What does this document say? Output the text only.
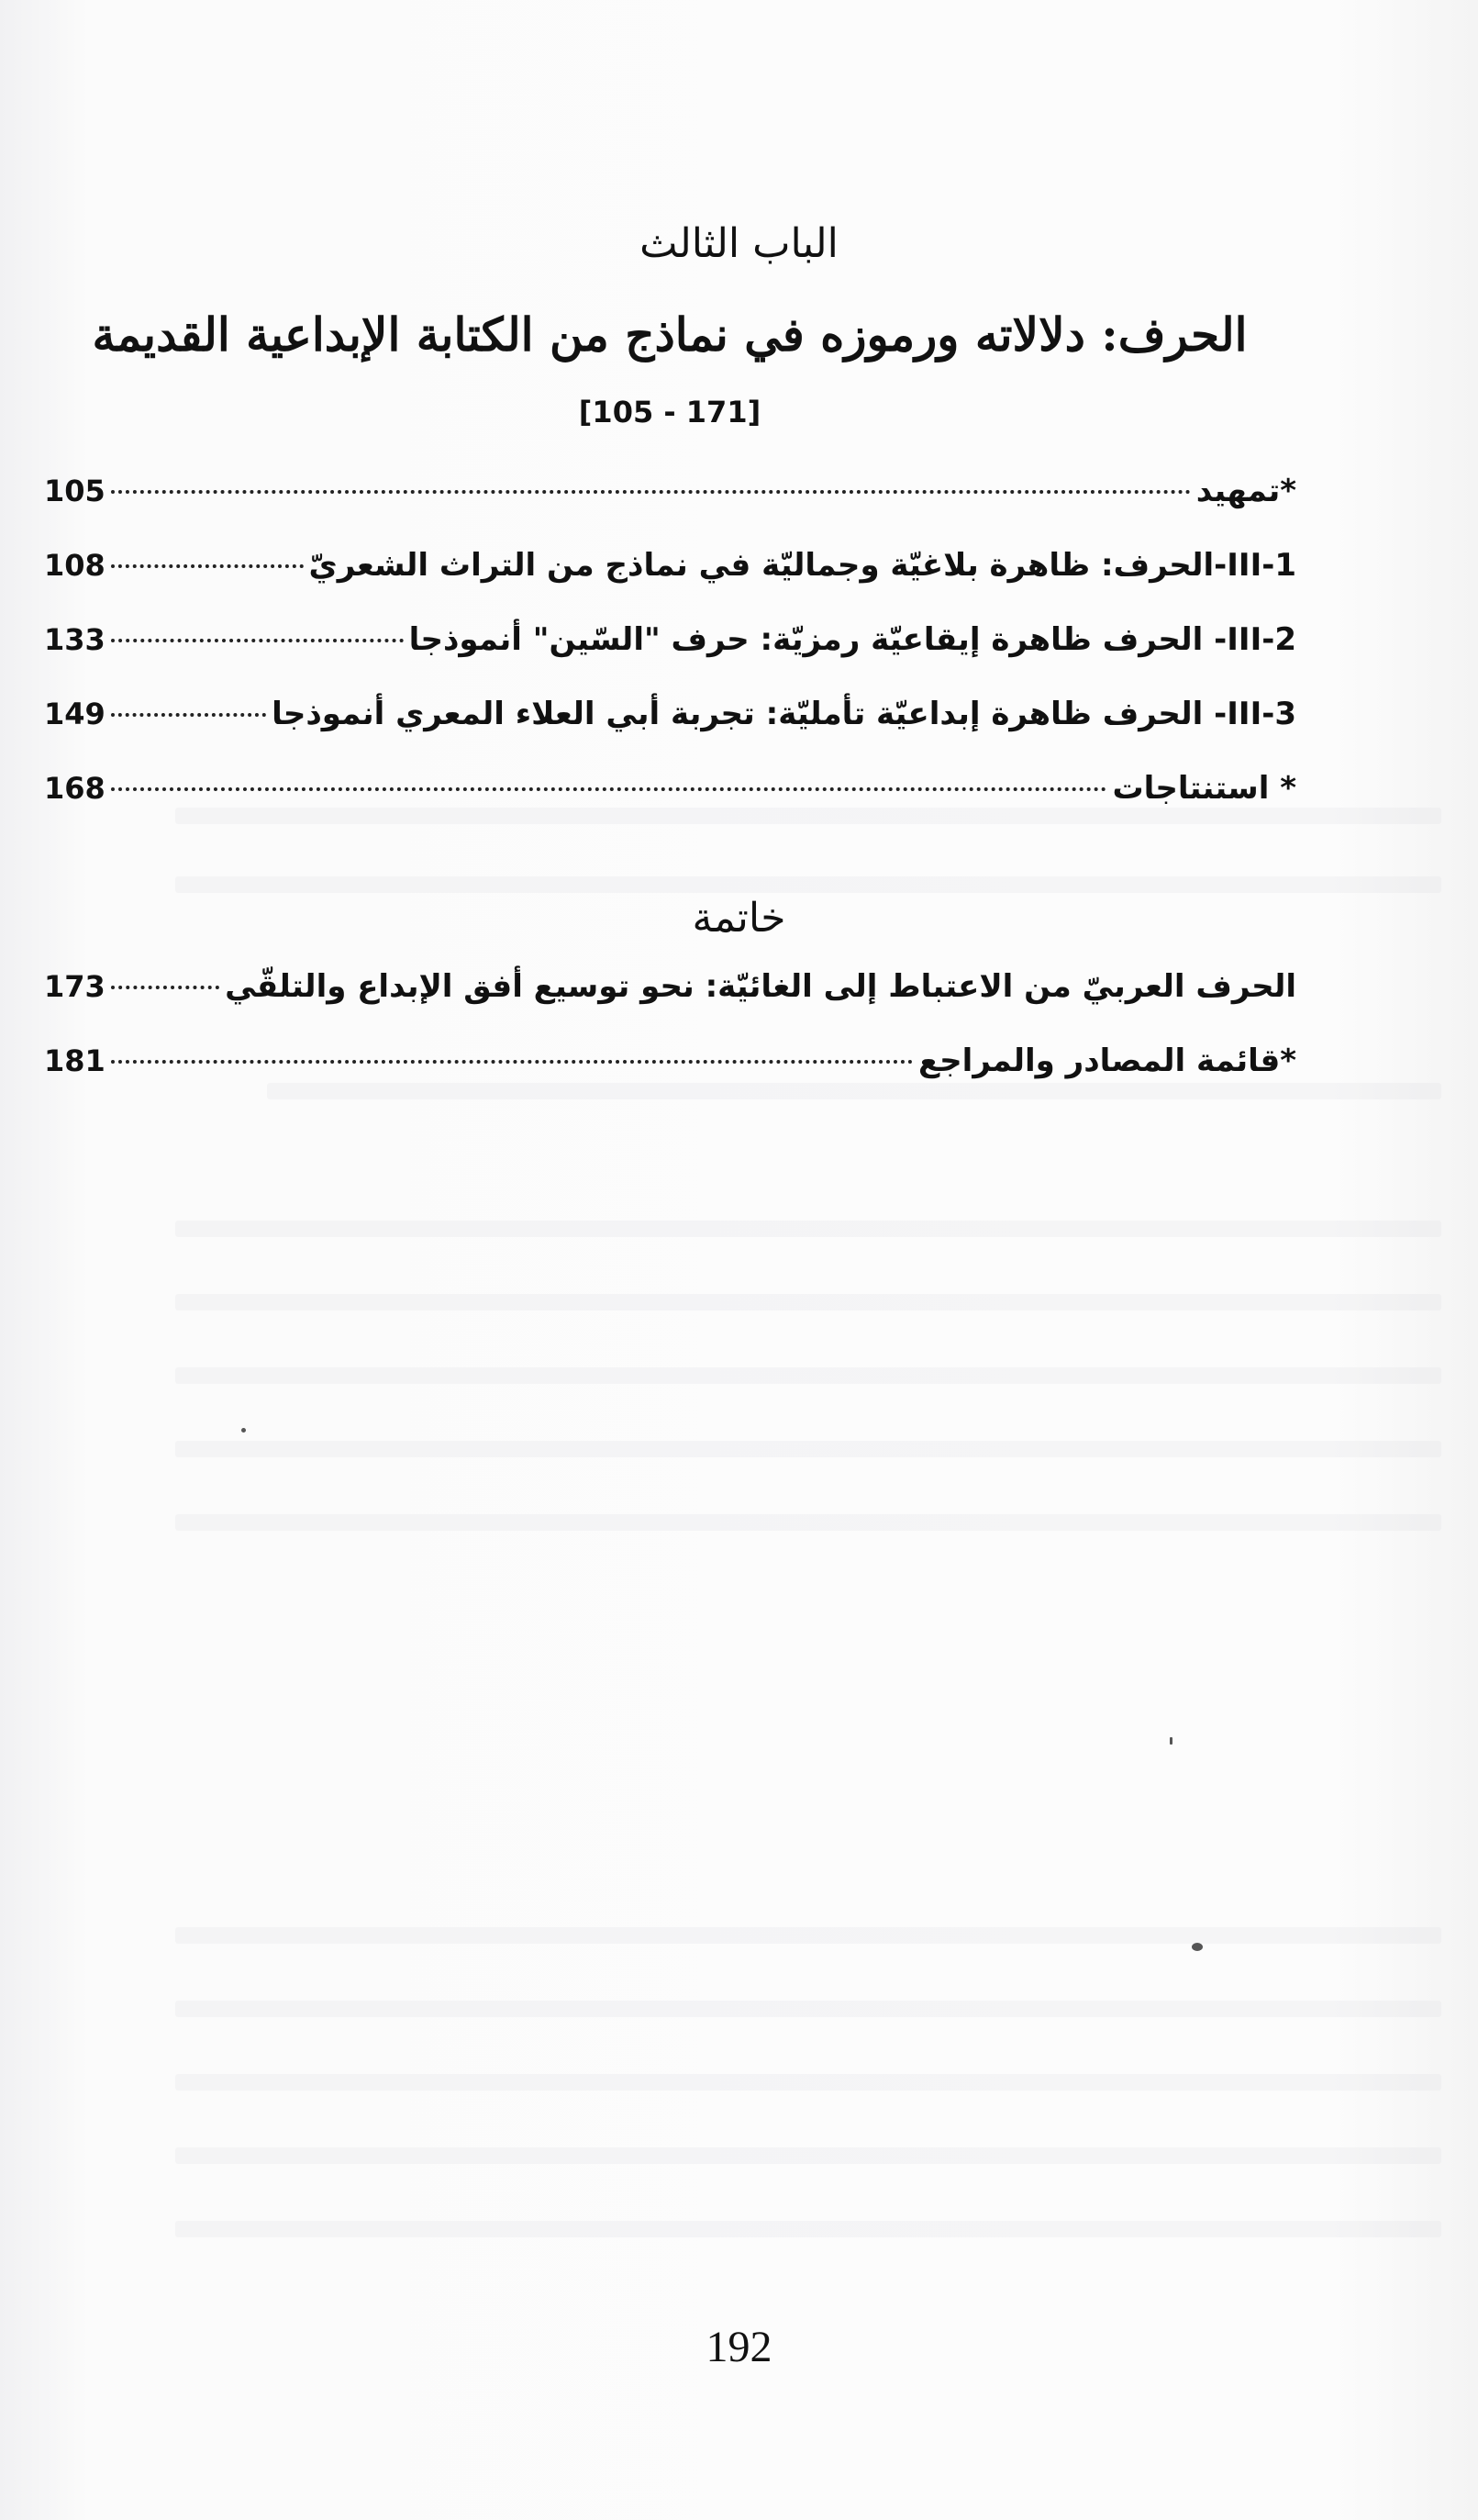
الباب الثالث
الحرف: دلالاته ورموزه في نماذج من الكتابة الإبداعية القديمة
[105 - 171]
*تمهيد
105
III-1-الحرف: ظاهرة بلاغيّة وجماليّة في نماذج من التراث الشعريّ
108
III-2- الحرف ظاهرة إيقاعيّة رمزيّة: حرف "السّين" أنموذجا
133
III-3- الحرف ظاهرة إبداعيّة تأمليّة: تجربة أبي العلاء المعري أنموذجا
149
* استنتاجات
168
خاتمة
الحرف العربيّ من الاعتباط إلى الغائيّة: نحو توسيع أفق الإبداع والتلقّي
173
*قائمة المصادر والمراجع
181
192
